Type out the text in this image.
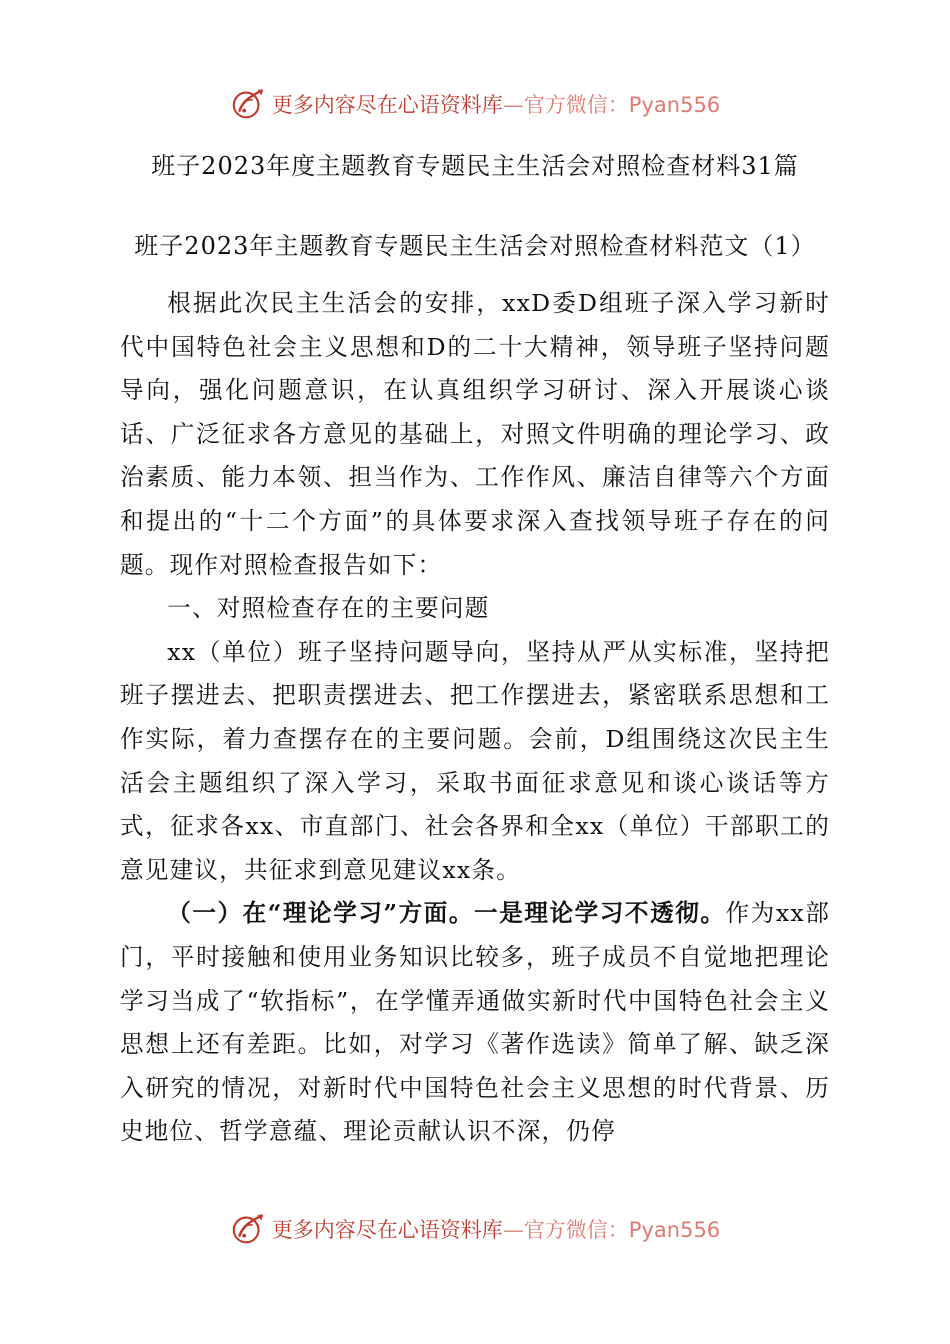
更多内容尽在心语资料库—官方微信：Pyan556
班子2023年度主题教育专题民主生活会对照检查材料31篇
班子2023年主题教育专题民主生活会对照检查材料范文（1）

根据此次民主生活会的安排，xxD委D组班子深入学习新时代中国特色社会主义思想和D的二十大精神，领导班子坚持问题导向，强化问题意识，在认真组织学习研讨、深入开展谈心谈话、广泛征求各方意见的基础上，对照文件明确的理论学习、政治素质、能力本领、担当作为、工作作风、廉洁自律等六个方面和提出的“十二个方面”的具体要求深入查找领导班子存在的问题。现作对照检查报告如下：

一、对照检查存在的主要问题

xx（单位）班子坚持问题导向，坚持从严从实标准，坚持把班子摆进去、把职责摆进去、把工作摆进去，紧密联系思想和工作实际，着力查摆存在的主要问题。会前，D组围绕这次民主生活会主题组织了深入学习，采取书面征求意见和谈心谈话等方式，征求各xx、市直部门、社会各界和全xx（单位）干部职工的意见建议，共征求到意见建议xx条。

（一）在“理论学习”方面。一是理论学习不透彻。作为xx部门，平时接触和使用业务知识比较多，班子成员不自觉地把理论学习当成了“软指标”，在学懂弄通做实新时代中国特色社会主义思想上还有差距。比如，对学习《著作选读》简单了解、缺乏深入研究的情况，对新时代中国特色社会主义思想的时代背景、历史地位、哲学意蕴、理论贡献认识不深，仍停

更多内容尽在心语资料库—官方微信：Pyan556
